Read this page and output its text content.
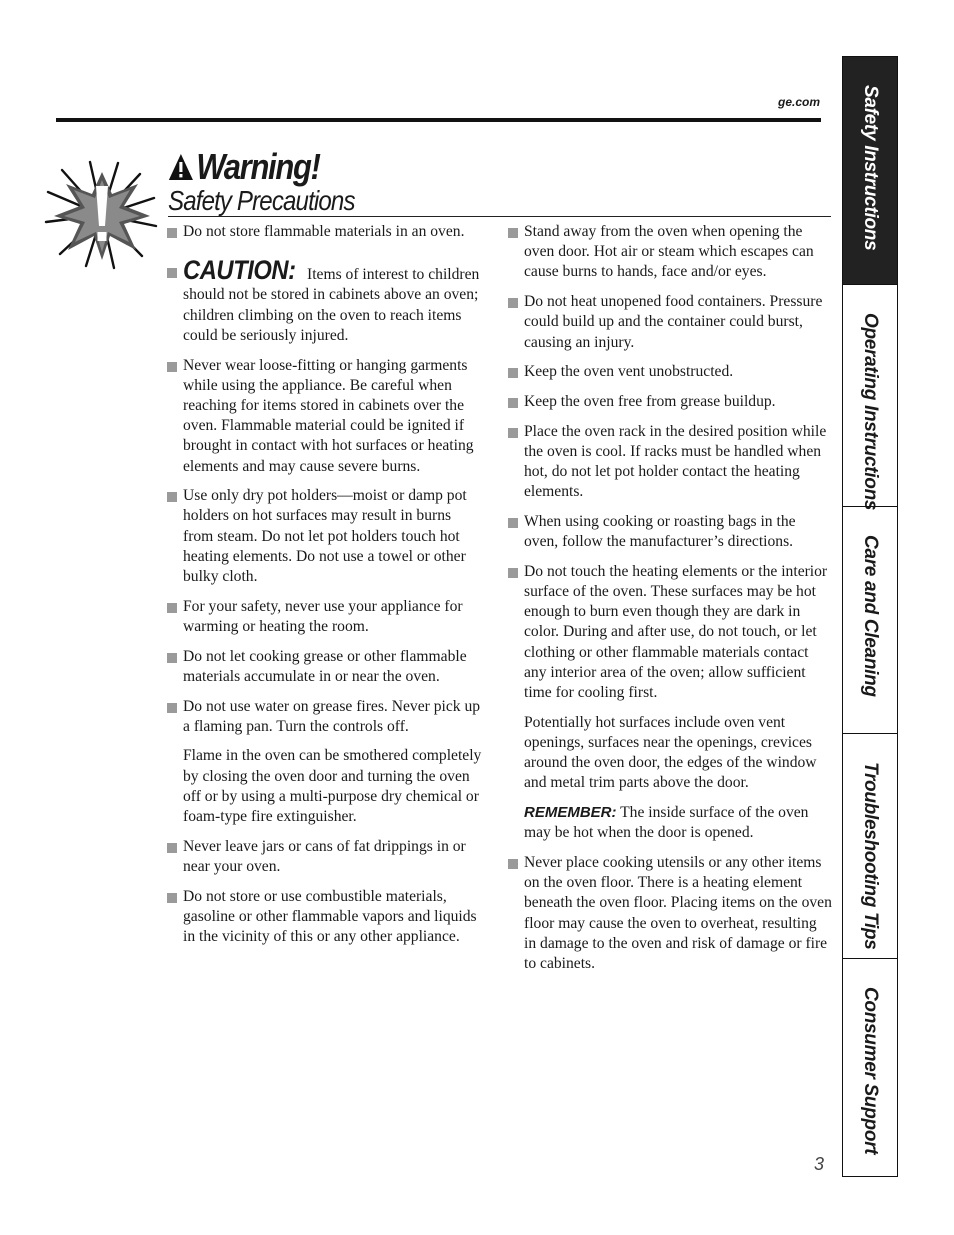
ge.com
Warning!
Safety Precautions
Do not store flammable materials in an oven.
CAUTION: Items of interest to children should not be stored in cabinets above an oven; children climbing on the oven to reach items could be seriously injured.
Never wear loose-fitting or hanging garments while using the appliance. Be careful when reaching for items stored in cabinets over the oven. Flammable material could be ignited if brought in contact with hot surfaces or heating elements and may cause severe burns.
Use only dry pot holders—moist or damp pot holders on hot surfaces may result in burns from steam. Do not let pot holders touch hot heating elements. Do not use a towel or other bulky cloth.
For your safety, never use your appliance for warming or heating the room.
Do not let cooking grease or other flammable materials accumulate in or near the oven.
Do not use water on grease fires. Never pick up a flaming pan. Turn the controls off.
Flame in the oven can be smothered completely by closing the oven door and turning the oven off or by using a multi-purpose dry chemical or foam-type fire extinguisher.
Never leave jars or cans of fat drippings in or near your oven.
Do not store or use combustible materials, gasoline or other flammable vapors and liquids in the vicinity of this or any other appliance.
Stand away from the oven when opening the oven door. Hot air or steam which escapes can cause burns to hands, face and/or eyes.
Do not heat unopened food containers. Pressure could build up and the container could burst, causing an injury.
Keep the oven vent unobstructed.
Keep the oven free from grease buildup.
Place the oven rack in the desired position while the oven is cool. If racks must be handled when hot, do not let pot holder contact the heating elements.
When using cooking or roasting bags in the oven, follow the manufacturer’s directions.
Do not touch the heating elements or the interior surface of the oven. These surfaces may be hot enough to burn even though they are dark in color. During and after use, do not touch, or let clothing or other flammable materials contact any interior area of the oven; allow sufficient time for cooling first.
Potentially hot surfaces include oven vent openings, surfaces near the openings, crevices around the oven door, the edges of the window and metal trim parts above the door.
REMEMBER: The inside surface of the oven may be hot when the door is opened.
Never place cooking utensils or any other items on the oven floor. There is a heating element beneath the oven floor. Placing items on the oven floor may cause the oven to overheat, resulting in damage to the oven and risk of damage or fire to cabinets.
Safety Instructions
Operating Instructions
Care and Cleaning
Troubleshooting Tips
Consumer Support
3
